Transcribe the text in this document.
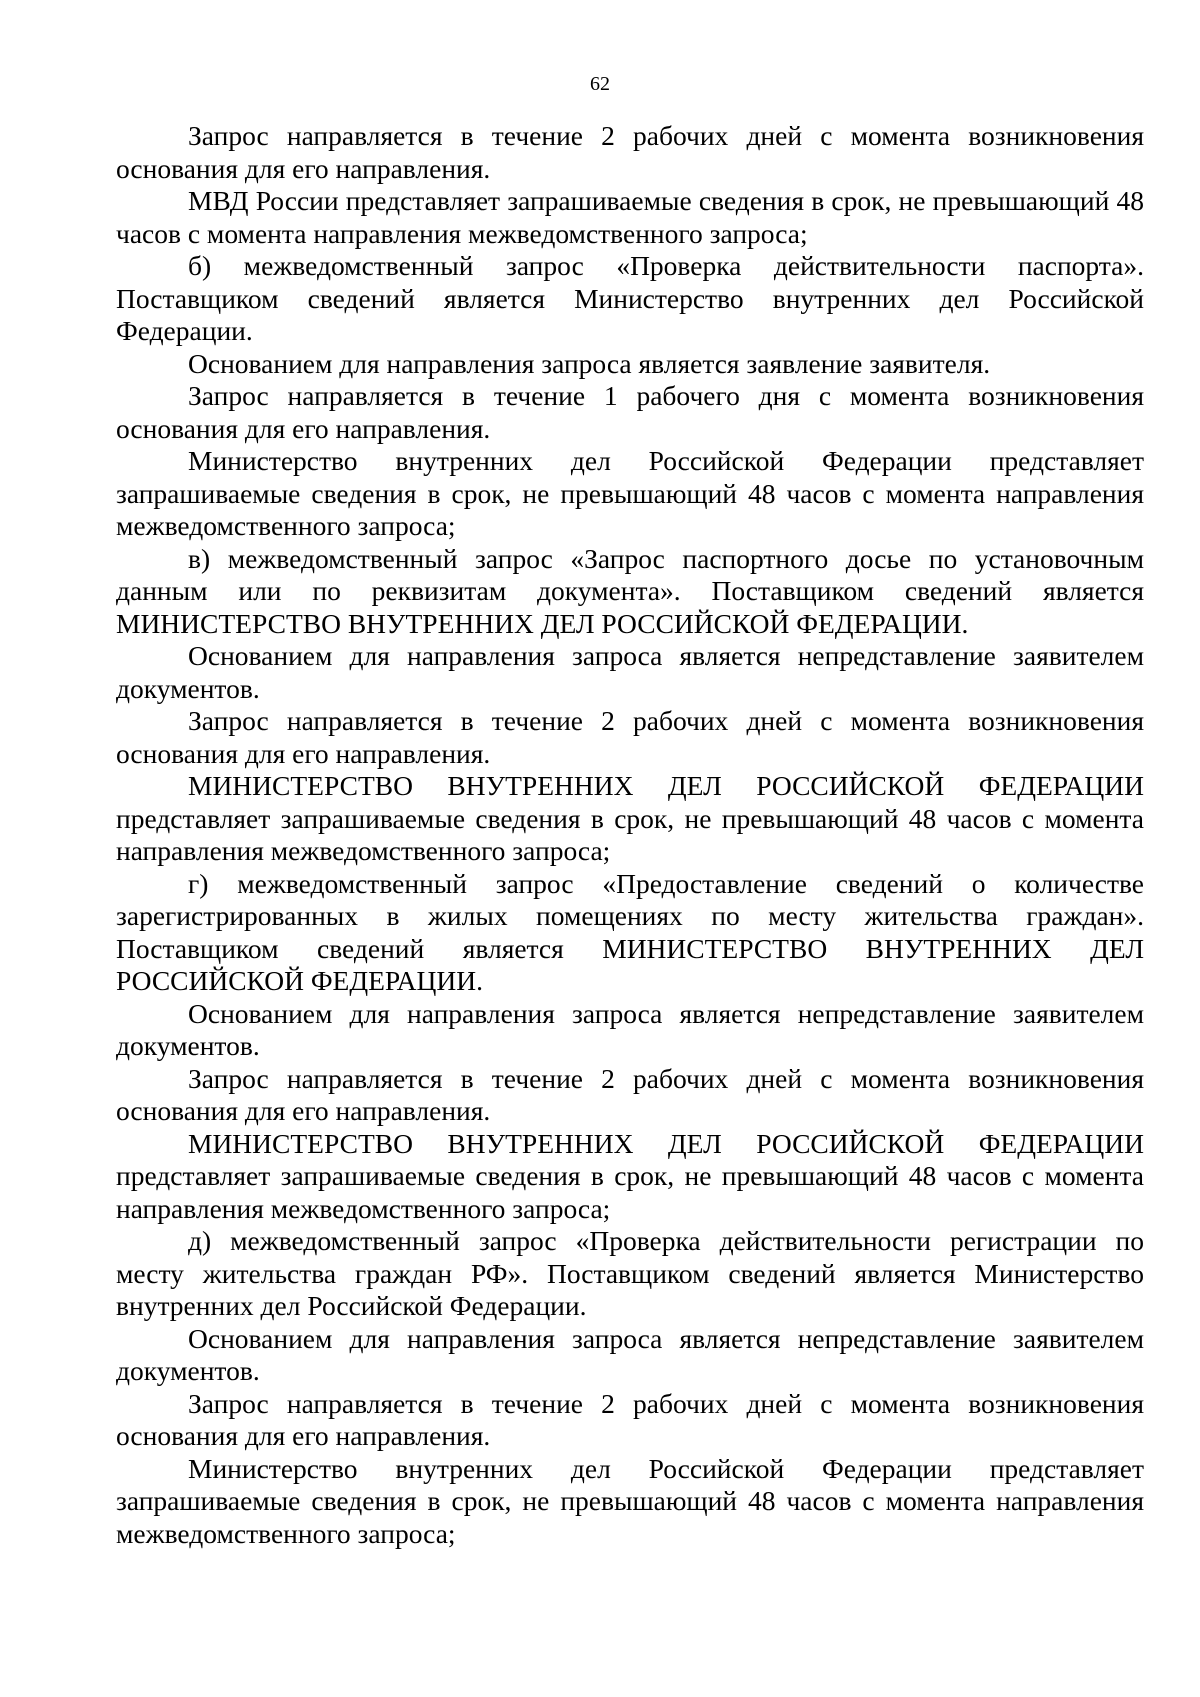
62

Запрос направляется в течение 2 рабочих дней с момента возникновения основания для его направления.

МВД России представляет запрашиваемые сведения в срок, не превышающий 48 часов с момента направления межведомственного запроса;

б) межведомственный запрос «Проверка действительности паспорта». Поставщиком сведений является Министерство внутренних дел Российской Федерации.

Основанием для направления запроса является заявление заявителя.

Запрос направляется в течение 1 рабочего дня с момента возникновения основания для его направления.

Министерство внутренних дел Российской Федерации представляет запрашиваемые сведения в срок, не превышающий 48 часов с момента направления межведомственного запроса;

в) межведомственный запрос «Запрос паспортного досье по установочным данным или по реквизитам документа». Поставщиком сведений является МИНИСТЕРСТВО ВНУТРЕННИХ ДЕЛ РОССИЙСКОЙ ФЕДЕРАЦИИ.

Основанием для направления запроса является непредставление заявителем документов.

Запрос направляется в течение 2 рабочих дней с момента возникновения основания для его направления.

МИНИСТЕРСТВО ВНУТРЕННИХ ДЕЛ РОССИЙСКОЙ ФЕДЕРАЦИИ представляет запрашиваемые сведения в срок, не превышающий 48 часов с момента направления межведомственного запроса;

г) межведомственный запрос «Предоставление сведений о количестве зарегистрированных в жилых помещениях по месту жительства граждан». Поставщиком сведений является МИНИСТЕРСТВО ВНУТРЕННИХ ДЕЛ РОССИЙСКОЙ ФЕДЕРАЦИИ.

Основанием для направления запроса является непредставление заявителем документов.

Запрос направляется в течение 2 рабочих дней с момента возникновения основания для его направления.

МИНИСТЕРСТВО ВНУТРЕННИХ ДЕЛ РОССИЙСКОЙ ФЕДЕРАЦИИ представляет запрашиваемые сведения в срок, не превышающий 48 часов с момента направления межведомственного запроса;

д) межведомственный запрос «Проверка действительности регистрации по месту жительства граждан РФ». Поставщиком сведений является Министерство внутренних дел Российской Федерации.

Основанием для направления запроса является непредставление заявителем документов.

Запрос направляется в течение 2 рабочих дней с момента возникновения основания для его направления.

Министерство внутренних дел Российской Федерации представляет запрашиваемые сведения в срок, не превышающий 48 часов с момента направления межведомственного запроса;
